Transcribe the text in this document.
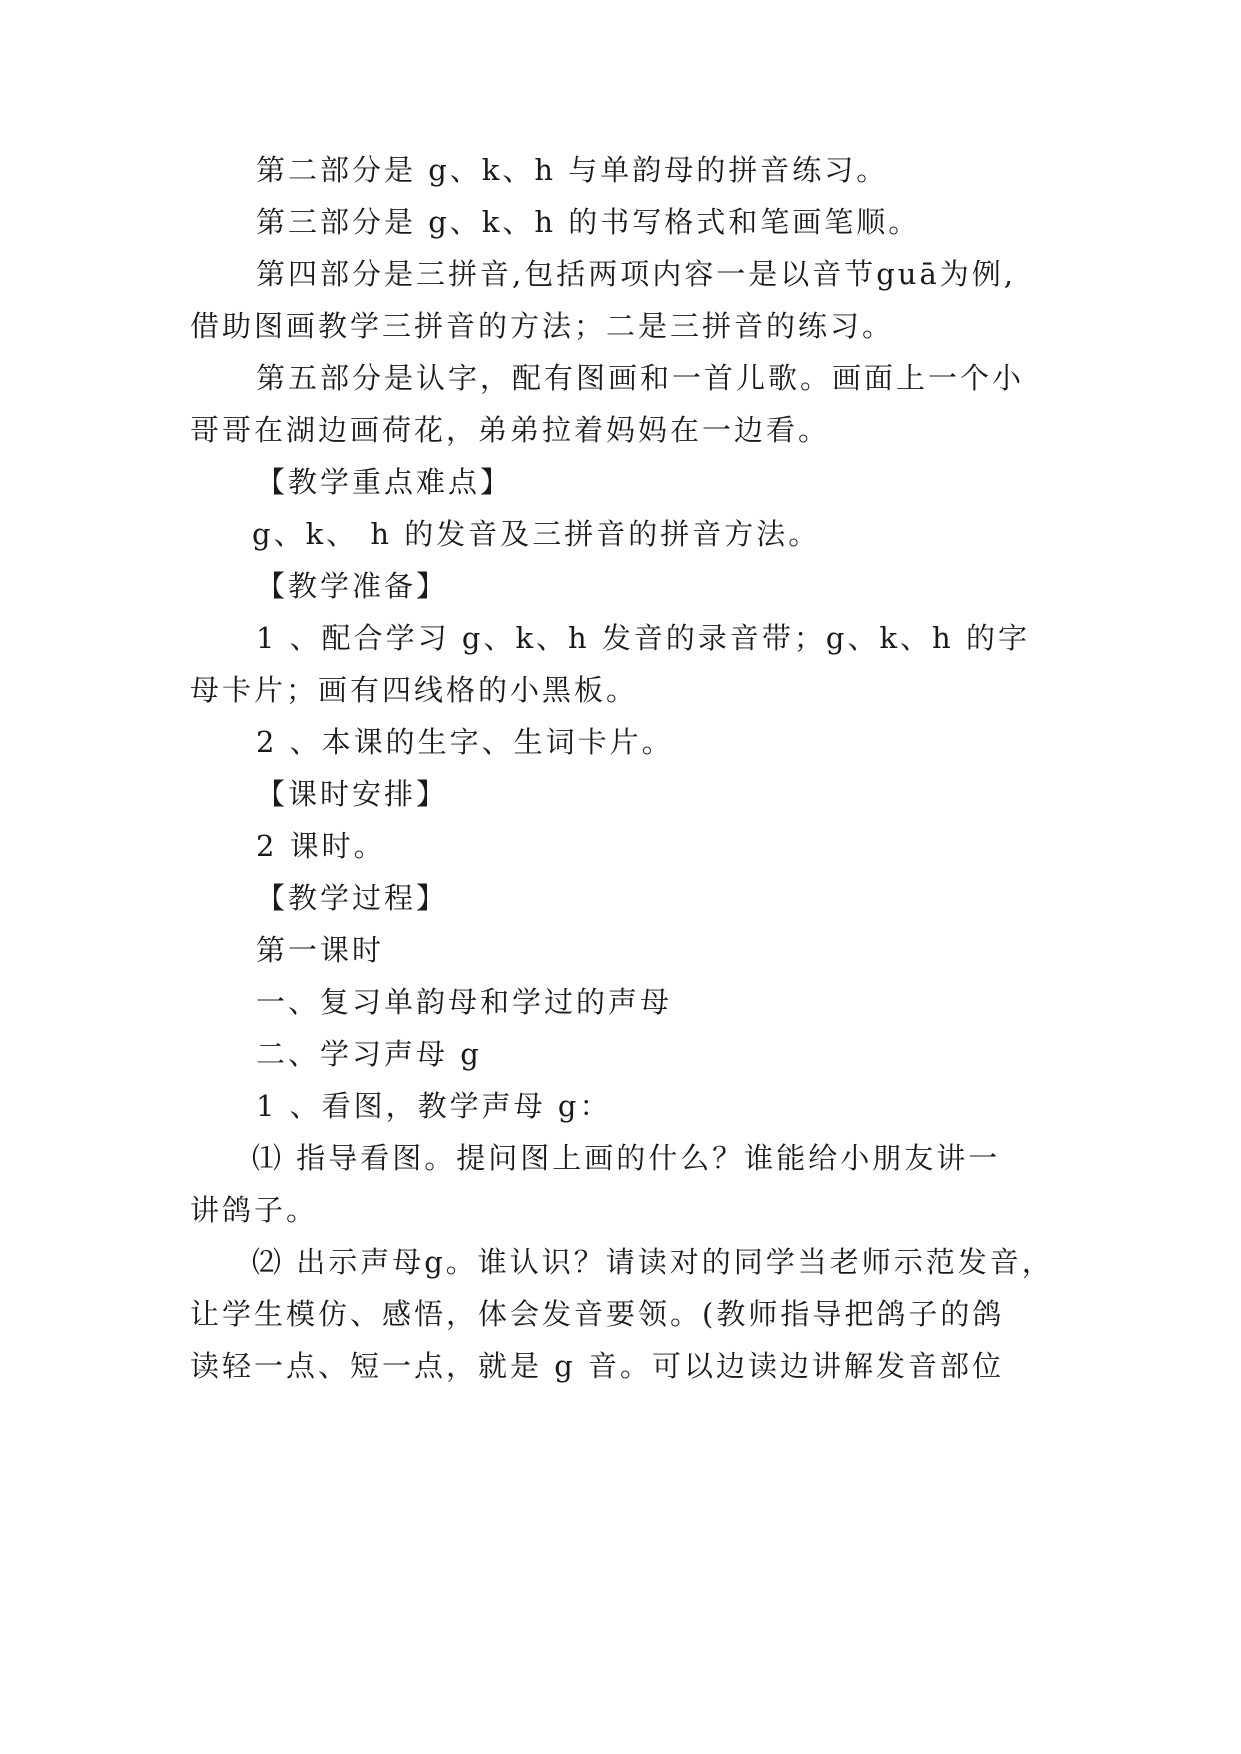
第二部分是 g、k、h 与单韵母的拼音练习。
第三部分是 g、k、h 的书写格式和笔画笔顺。
第四部分是三拼音,包括两项内容一是以音节guā为例,
借助图画教学三拼音的方法；二是三拼音的练习。
第五部分是认字，配有图画和一首儿歌。画面上一个小
哥哥在湖边画荷花，弟弟拉着妈妈在一边看。
【教学重点难点】
g、k、 h 的发音及三拼音的拼音方法。
【教学准备】
1 、配合学习 g、k、h 发音的录音带；g、k、h 的字
母卡片；画有四线格的小黑板。
2 、本课的生字、生词卡片。
【课时安排】
2 课时。
【教学过程】
第一课时
一、复习单韵母和学过的声母
二、学习声母 g
1 、看图，教学声母 g：
⑴ 指导看图。提问图上画的什么？谁能给小朋友讲一
讲鸽子。
⑵ 出示声母g。谁认识？请读对的同学当老师示范发音，
让学生模仿、感悟，体会发音要领。(教师指导把鸽子的鸽
读轻一点、短一点，就是 g 音。可以边读边讲解发音部位
